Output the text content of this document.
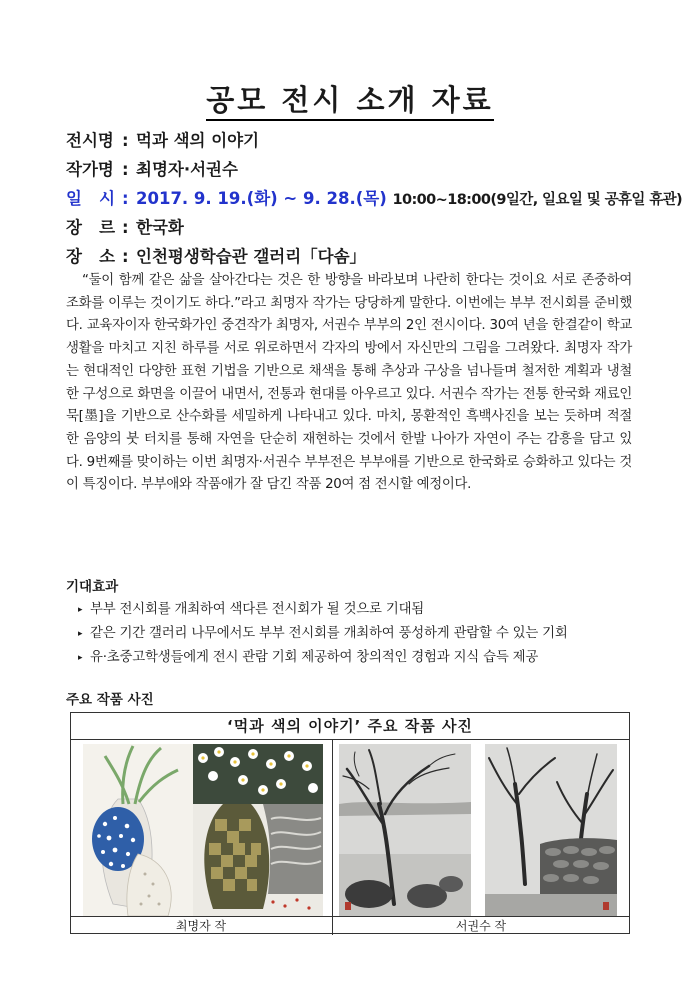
공모 전시 소개 자료
전시명 : 먹과 색의 이야기
작가명 : 최명자·서권수
일   시 : 2017. 9. 19.(화) ~ 9. 28.(목) 10:00~18:00(9일간, 일요일 및 공휴일 휴관)
장   르 : 한국화
장   소 : 인천평생학습관 갤러리「다솜」
“둘이 함께 같은 삶을 살아간다는 것은 한 방향을 바라보며 나란히 한다는 것이요 서로 존중하여 조화를 이루는 것이기도 하다.”라고 최명자 작가는 당당하게 말한다. 이번에는 부부 전시회를 준비했다. 교육자이자 한국화가인 중견작가 최명자, 서권수 부부의 2인 전시이다. 30여 년을 한결같이 학교생활을 마치고 지친 하루를 서로 위로하면서 각자의 방에서 자신만의 그림을 그려왔다. 최명자 작가는 현대적인 다양한 표현 기법을 기반으로 채색을 통해 추상과 구상을 넘나들며 철저한 계획과 냉철한 구성으로 화면을 이끌어 내면서, 전통과 현대를 아우르고 있다. 서권수 작가는 전통 한국화 재료인 묵[墨]을 기반으로 산수화를 세밀하게 나타내고 있다. 마치, 몽환적인 흑백사진을 보는 듯하며 적절한 음양의 붓 터치를 통해 자연을 단순히 재현하는 것에서 한발 나아가 자연이 주는 감흥을 담고 있다. 9번째를 맞이하는 이번 최명자·서권수 부부전은 부부애를 기반으로 한국화로 승화하고 있다는 것이 특징이다. 부부애와 작품애가 잘 담긴 작품 20여 점 전시할 예정이다.
기대효과
▸ 부부 전시회를 개최하여 색다른 전시회가 될 것으로 기대됨
▸ 같은 기간 갤러리 나무에서도 부부 전시회를 개최하여 풍성하게 관람할 수 있는 기회
▸ 유·초중고학생들에게 전시 관람 기회 제공하여 창의적인 경험과 지식 습득 제공
주요 작품 사진
‘먹과 색의 이야기’ 주요 작품 사진
최명자 작	서권수 작
